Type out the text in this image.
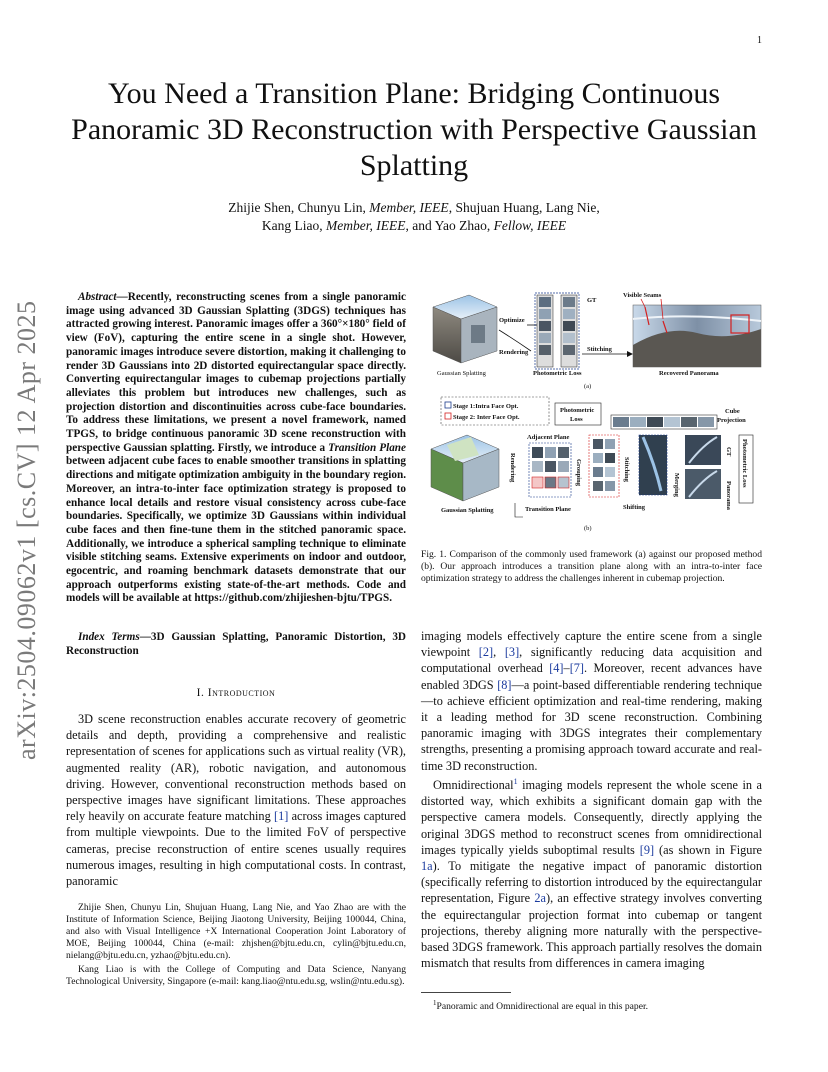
1
arXiv:2504.09062v1 [cs.CV] 12 Apr 2025
You Need a Transition Plane: Bridging Continuous Panoramic 3D Reconstruction with Perspective Gaussian Splatting
Zhijie Shen, Chunyu Lin, Member, IEEE, Shujuan Huang, Lang Nie,
Kang Liao, Member, IEEE, and Yao Zhao, Fellow, IEEE
Abstract—Recently, reconstructing scenes from a single panoramic image using advanced 3D Gaussian Splatting (3DGS) techniques has attracted growing interest. Panoramic images offer a 360°×180° field of view (FoV), capturing the entire scene in a single shot. However, panoramic images introduce severe distortion, making it challenging to render 3D Gaussians into 2D distorted equirectangular space directly. Converting equirectangular images to cubemap projections partially alleviates this problem but introduces new challenges, such as projection distortion and discontinuities across cube-face boundaries. To address these limitations, we present a novel framework, named TPGS, to bridge continuous panoramic 3D scene reconstruction with perspective Gaussian splatting. Firstly, we introduce a Transition Plane between adjacent cube faces to enable smoother transitions in splatting directions and mitigate optimization ambiguity in the boundary region. Moreover, an intra-to-inter face optimization strategy is proposed to enhance local details and restore visual consistency across cube-face boundaries. Specifically, we optimize 3D Gaussians within individual cube faces and then fine-tune them in the stitched panoramic space. Additionally, we introduce a spherical sampling technique to eliminate visible stitching seams. Extensive experiments on indoor and outdoor, egocentric, and roaming benchmark datasets demonstrate that our approach outperforms existing state-of-the-art methods. Code and models will be available at https://github.com/zhijieshen-bjtu/TPGS.
Index Terms—3D Gaussian Splatting, Panoramic Distortion, 3D Reconstruction
I. Introduction

3D scene reconstruction enables accurate recovery of geometric details and depth, providing a comprehensive and realistic representation of scenes for applications such as virtual reality (VR), augmented reality (AR), robotic navigation, and autonomous driving. However, conventional reconstruction methods based on perspective images have significant limitations. These approaches rely heavily on accurate feature matching [1] across images captured from multiple viewpoints. Due to the limited FoV of perspective cameras, precise reconstruction of entire scenes usually requires numerous images, resulting in high computational costs. In contrast, panoramic

Zhijie Shen, Chunyu Lin, Shujuan Huang, Lang Nie, and Yao Zhao are with the Institute of Information Science, Beijing Jiaotong University, Beijing 100044, China, and also with Visual Intelligence +X International Cooperation Joint Laboratory of MOE, Beijing 100044, China (e-mail: zhjshen@bjtu.edu.cn, cylin@bjtu.edu.cn, nielang@bjtu.edu.cn, yzhao@bjtu.edu.cn).

Kang Liao is with the College of Computing and Data Science, Nanyang Technological University, Singapore (e-mail: kang.liao@ntu.edu.sg, wslin@ntu.edu.sg).

Gaussian Splatting
Optimize
Rendering
GT
Photometric Loss
Stitching
Visible Seams
Recovered Panorama
(a)
Stage 1:Intra Face Opt.
Stage 2: Inter Face Opt.
Photometric
Loss
Cube
Projection
Gaussian Splatting
Rendering
Adjacent Plane
Transition Plane
Grouping	Stitching
Shifting
Merging
GT
Panorama
Photometric Loss
(b)
Fig. 1. Comparison of the commonly used framework (a) against our proposed method (b). Our approach introduces a transition plane along with an intra-to-inter face optimization strategy to address the challenges inherent in cubemap projection.

imaging models effectively capture the entire scene from a single viewpoint [2], [3], significantly reducing data acquisition and computational overhead [4]–[7]. Moreover, recent advances have enabled 3DGS [8]—a point-based differentiable rendering technique—to achieve efficient optimization and real-time rendering, making it a leading method for 3D scene reconstruction. Combining panoramic imaging with 3DGS integrates their complementary strengths, presenting a promising approach toward accurate and real-time 3D reconstruction.

Omnidirectional$^1$ imaging models represent the whole scene in a distorted way, which exhibits a significant domain gap with the perspective camera models. Consequently, directly applying the original 3DGS method to reconstruct scenes from omnidirectional images typically yields suboptimal results [9] (as shown in Figure 1a). To mitigate the negative impact of panoramic distortion (specifically referring to distortion introduced by the equirectangular representation, Figure 2a), an effective strategy involves converting the equirectangular projection format into cubemap or tangent projections, thereby aligning more naturally with the perspective-based 3DGS framework. This approach partially resolves the domain mismatch that results from differences in camera imaging

$^1$Panoramic and Omnidirectional are equal in this paper.
